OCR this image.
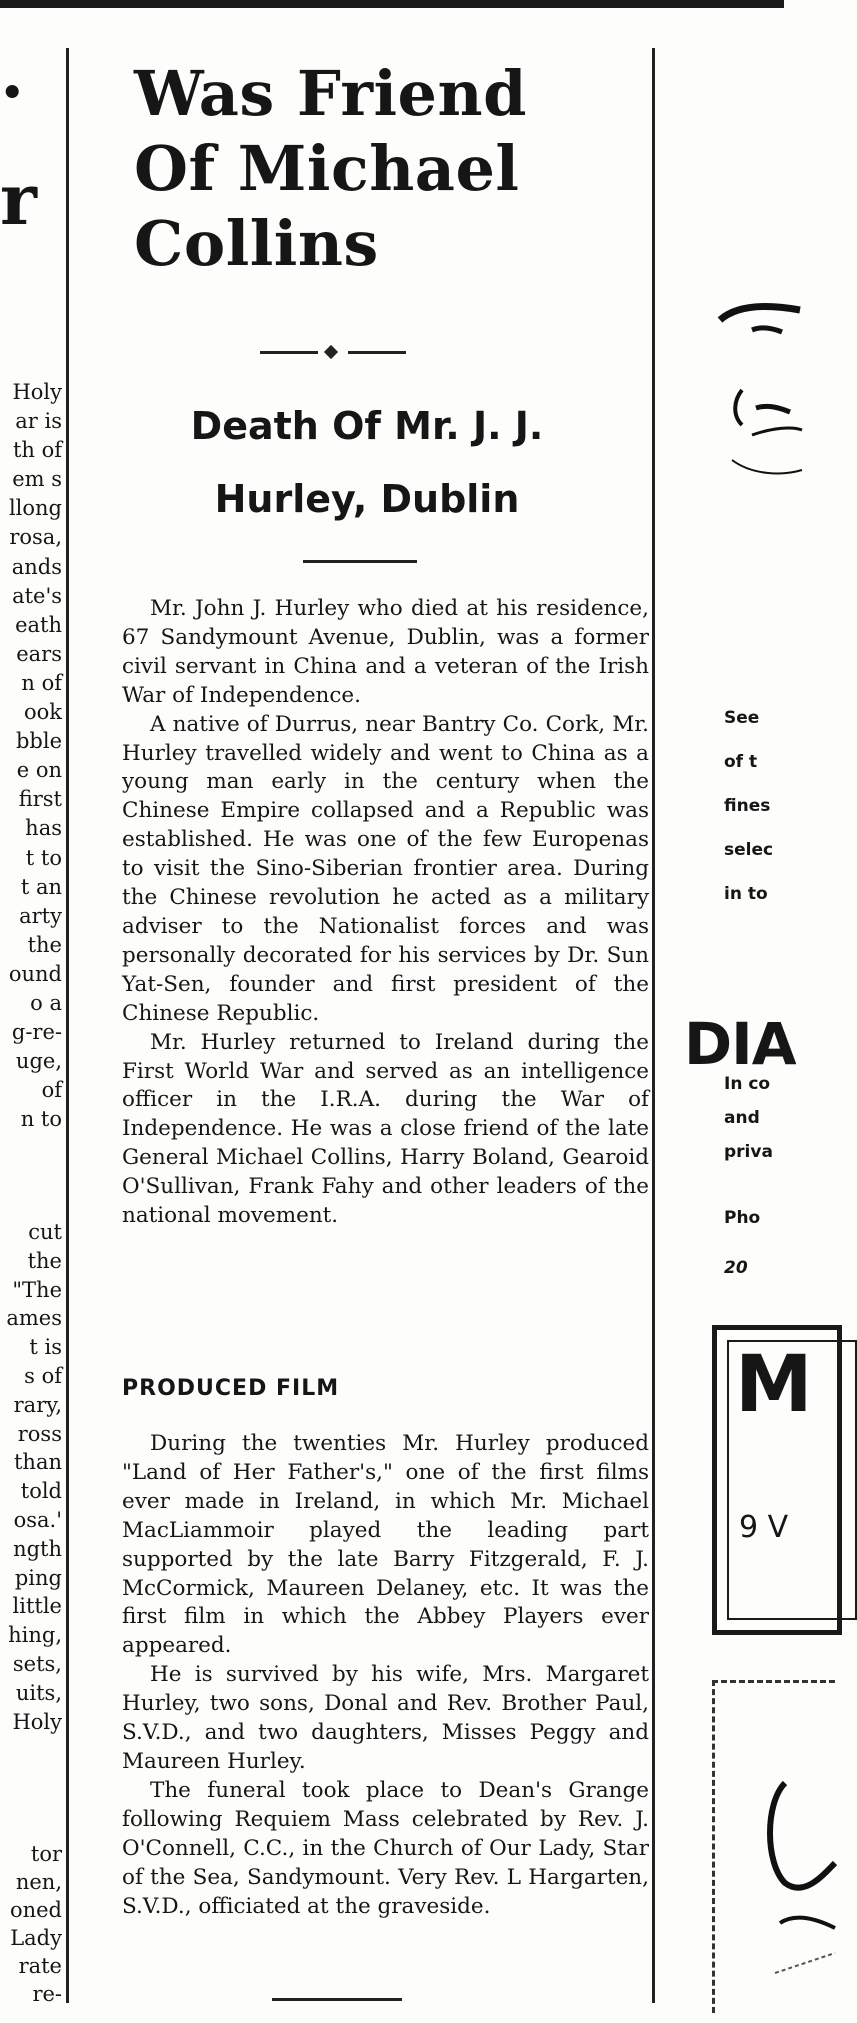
·
r
Holy
ar is
th of
em s
llong
rosa,
ands
ate's
eath
ears
n of
ook
bble
e on
first
has
t to
t an
arty
the
ound
o a
g-re-
uge,
of
n to
cut
the
"The
ames
t is
s of
rary,
ross
than
told
osa.'
ngth
ping
little
hing,
sets,
uits,
Holy
tor
nen,
oned
Lady
rate
re-
Was Friend
Of Michael
Collins
Death Of Mr. J. J.
Hurley, Dublin

Mr. John J. Hurley who died at his residence, 67 Sandymount Avenue, Dublin, was a former civil servant in China and a veteran of the Irish War of Independence.

A native of Durrus, near Bantry Co. Cork, Mr. Hurley travelled widely and went to China as a young man early in the century when the Chinese Empire collapsed and a Republic was established. He was one of the few Europenas to visit the Sino-Siberian frontier area. During the Chinese revolution he acted as a military adviser to the Nationalist forces and was personally decorated for his services by Dr. Sun Yat-Sen, founder and first president of the Chinese Republic.

Mr. Hurley returned to Ireland during the First World War and served as an intelligence officer in the I.R.A. during the War of Independence. He was a close friend of the late General Michael Collins, Harry Boland, Gearoid O'Sullivan, Frank Fahy and other leaders of the national movement.

PRODUCED FILM

During the twenties Mr. Hurley produced "Land of Her Father's," one of the first films ever made in Ireland, in which Mr. Michael MacLiammoir played the leading part supported by the late Barry Fitzgerald, F. J. McCormick, Maureen Delaney, etc. It was the first film in which the Abbey Players ever appeared.

He is survived by his wife, Mrs. Margaret Hurley, two sons, Donal and Rev. Brother Paul, S.V.D., and two daughters, Misses Peggy and Maureen Hurley.

The funeral took place to Dean's Grange following Requiem Mass celebrated by Rev. J. O'Connell, C.C., in the Church of Our Lady, Star of the Sea, Sandymount. Very Rev. L Hargarten, S.V.D., officiated at the graveside.

See
of t
fines
selec
in to
DIA
In co
and
priva
Pho
20
M
9 V
